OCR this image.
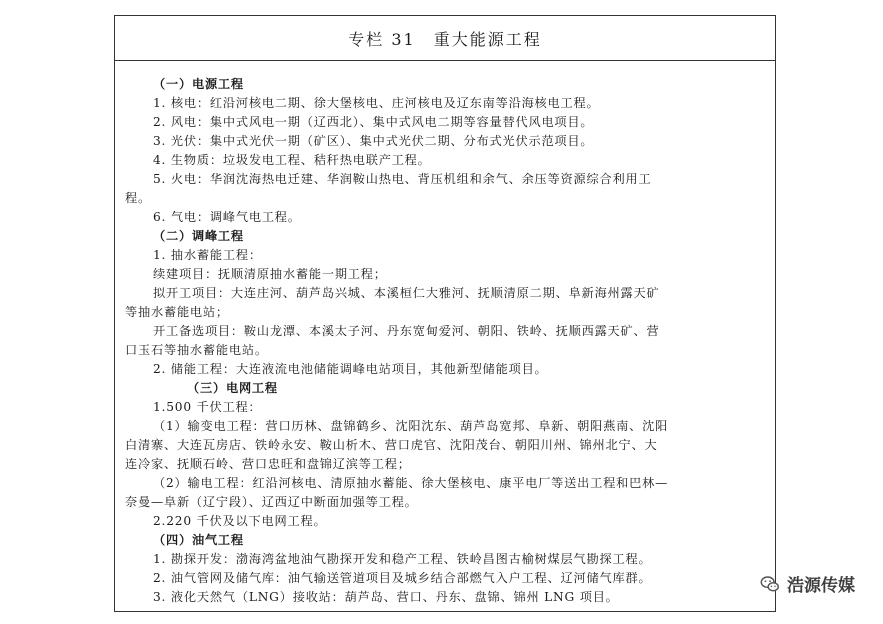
专栏 31　重大能源工程
（一）电源工程
1. 核电：红沿河核电二期、徐大堡核电、庄河核电及辽东南等沿海核电工程。
2. 风电：集中式风电一期（辽西北）、集中式风电二期等容量替代风电项目。
3. 光伏：集中式光伏一期（矿区）、集中式光伏二期、分布式光伏示范项目。
4. 生物质：垃圾发电工程、秸秆热电联产工程。
5. 火电：华润沈海热电迁建、华润鞍山热电、背压机组和余气、余压等资源综合利用工
程。
6. 气电：调峰气电工程。
（二）调峰工程
1. 抽水蓄能工程：
续建项目：抚顺清原抽水蓄能一期工程；
拟开工项目：大连庄河、葫芦岛兴城、本溪桓仁大雅河、抚顺清原二期、阜新海州露天矿
等抽水蓄能电站；
开工备选项目：鞍山龙潭、本溪太子河、丹东宽甸爱河、朝阳、铁岭、抚顺西露天矿、营
口玉石等抽水蓄能电站。
2. 储能工程：大连液流电池储能调峰电站项目，其他新型储能项目。
（三）电网工程
1.500 千伏工程：
（1）输变电工程：营口历林、盘锦鹤乡、沈阳沈东、葫芦岛宽邦、阜新、朝阳燕南、沈阳
白清寨、大连瓦房店、铁岭永安、鞍山析木、营口虎官、沈阳茂台、朝阳川州、锦州北宁、大
连冷家、抚顺石岭、营口忠旺和盘锦辽滨等工程；
（2）输电工程：红沿河核电、清原抽水蓄能、徐大堡核电、康平电厂等送出工程和巴林—
奈曼—阜新（辽宁段）、辽西辽中断面加强等工程。
2.220 千伏及以下电网工程。
（四）油气工程
1. 勘探开发：渤海湾盆地油气勘探开发和稳产工程、铁岭昌图古榆树煤层气勘探工程。
2. 油气管网及储气库：油气输送管道项目及城乡结合部燃气入户工程、辽河储气库群。
3. 液化天然气（LNG）接收站：葫芦岛、营口、丹东、盘锦、锦州 LNG 项目。
浩源传媒
